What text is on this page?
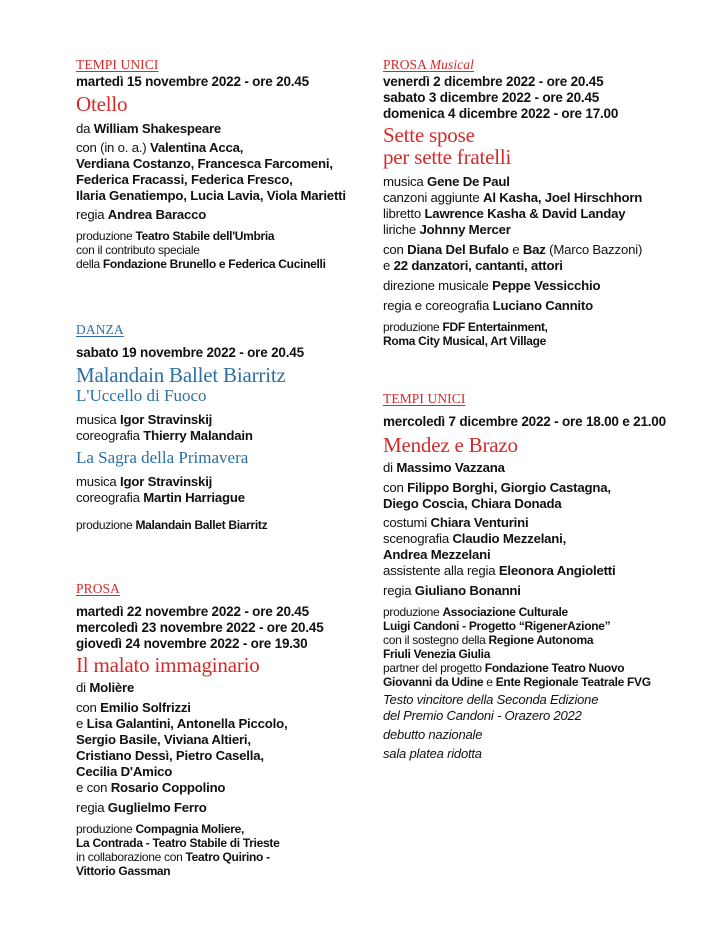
TEMPI UNICI
martedì 15 novembre 2022 - ore 20.45
Otello
da William Shakespeare
con (in o. a.) Valentina Acca,
Verdiana Costanzo, Francesca Farcomeni,
Federica Fracassi, Federica Fresco,
Ilaria Genatiempo, Lucia Lavia, Viola Marietti
regia Andrea Baracco
produzione Teatro Stabile dell'Umbria
con il contributo speciale
della Fondazione Brunello e Federica Cucinelli
DANZA
sabato 19 novembre 2022 - ore 20.45
Malandain Ballet Biarritz
L'Uccello di Fuoco
musica Igor Stravinskij
coreografia Thierry Malandain
La Sagra della Primavera
musica Igor Stravinskij
coreografia Martin Harriague
produzione Malandain Ballet Biarritz
PROSA
martedì 22 novembre 2022 - ore 20.45
mercoledì 23 novembre 2022 - ore 20.45
giovedì 24 novembre 2022 - ore 19.30
Il malato immaginario
di Molière
con Emilio Solfrizzi
e Lisa Galantini, Antonella Piccolo,
Sergio Basile, Viviana Altieri,
Cristiano Dessì, Pietro Casella,
Cecilia D'Amico
e con Rosario Coppolino
regia Guglielmo Ferro
produzione Compagnia Moliere,
La Contrada - Teatro Stabile di Trieste
in collaborazione con Teatro Quirino -
Vittorio Gassman
PROSA Musical
venerdì 2 dicembre 2022 - ore 20.45
sabato 3 dicembre 2022 - ore 20.45
domenica 4 dicembre 2022 - ore 17.00
Sette spose
per sette fratelli
musica Gene De Paul
canzoni aggiunte Al Kasha, Joel Hirschhorn
libretto Lawrence Kasha & David Landay
liriche Johnny Mercer
con Diana Del Bufalo e Baz (Marco Bazzoni)
e 22 danzatori, cantanti, attori
direzione musicale Peppe Vessicchio
regia e coreografia Luciano Cannito
produzione FDF Entertainment,
Roma City Musical, Art Village
TEMPI UNICI
mercoledì 7 dicembre 2022 - ore 18.00 e 21.00
Mendez e Brazo
di Massimo Vazzana
con Filippo Borghi, Giorgio Castagna,
Diego Coscia, Chiara Donada
costumi Chiara Venturini
scenografia Claudio Mezzelani,
Andrea Mezzelani
assistente alla regia Eleonora Angioletti
regia Giuliano Bonanni
produzione Associazione Culturale
Luigi Candoni - Progetto “RigenerAzione”
con il sostegno della Regione Autonoma
Friuli Venezia Giulia
partner del progetto Fondazione Teatro Nuovo
Giovanni da Udine e Ente Regionale Teatrale FVG
Testo vincitore della Seconda Edizione
del Premio Candoni - Orazero 2022
debutto nazionale
sala platea ridotta
